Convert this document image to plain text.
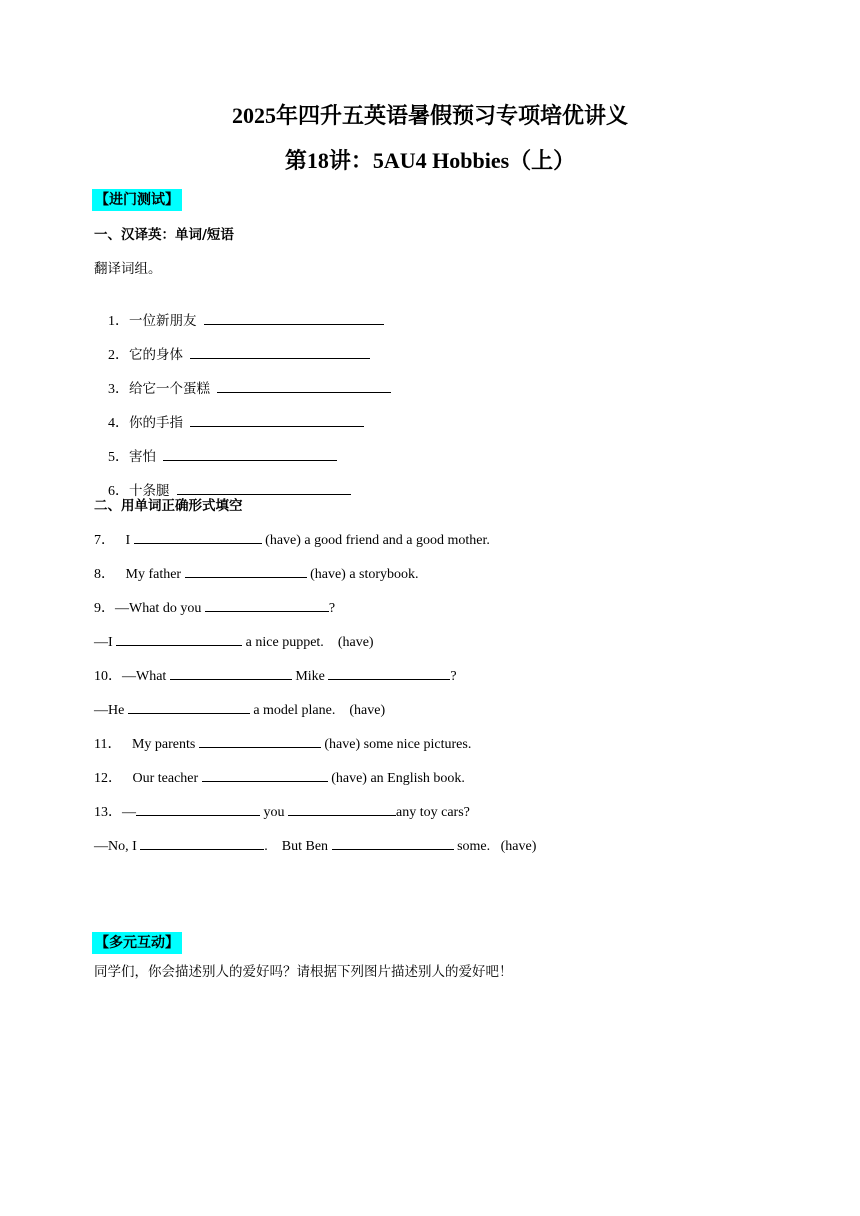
2025年四升五英语暑假预习专项培优讲义
第18讲：5AU4 Hobbies（上）
【进门测试】
一、汉译英：单词/短语
翻译词组。

1．一位新朋友

2．它的身体

3．给它一个蛋糕

4．你的手指

5．害怕

6．十条腿

二、用单词正确形式填空
7． I	(have) a good friend and a good mother.
8． My father	(have) a storybook.
9．—What do you	?
—I	a nice puppet. (have)
10．—What	Mike	?
—He	a model plane. (have)
11． My parents	(have) some nice pictures.
12． Our teacher	(have) an English book.
13．—	you	any toy cars?
—No, I	. But Ben	some. (have)
【多元互动】
同学们，你会描述别人的爱好吗？请根据下列图片描述别人的爱好吧！
